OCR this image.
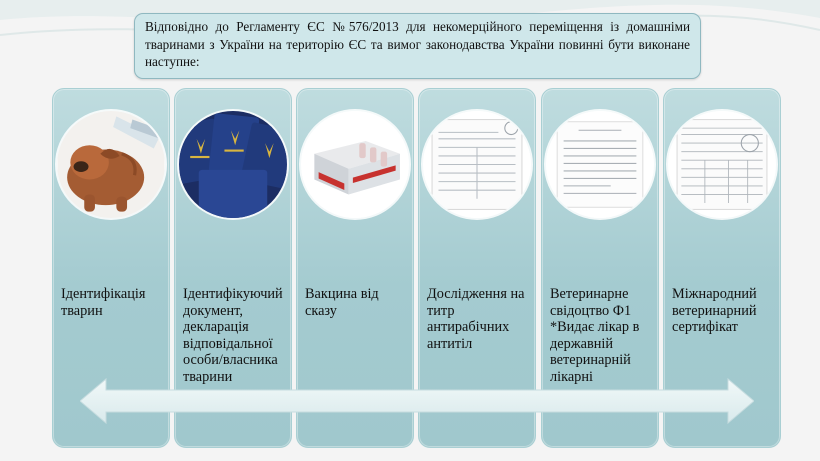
Відповідно до Регламенту ЄС №576/2013 для некомерційного переміщення із домашніми тваринами з України на територію ЄС та вимог законодавства України повинні бути виконане наступне:
Ідентифікація тварин
Ідентифікуючий документ, декларація відповідальної особи/власника тварини
Вакцина від сказу
Дослідження на титр антирабічних антитіл
Ветеринарне свідоцтво Ф1 *Видає лікар в державній ветеринарній лікарні
Міжнародний ветеринарний сертифікат
